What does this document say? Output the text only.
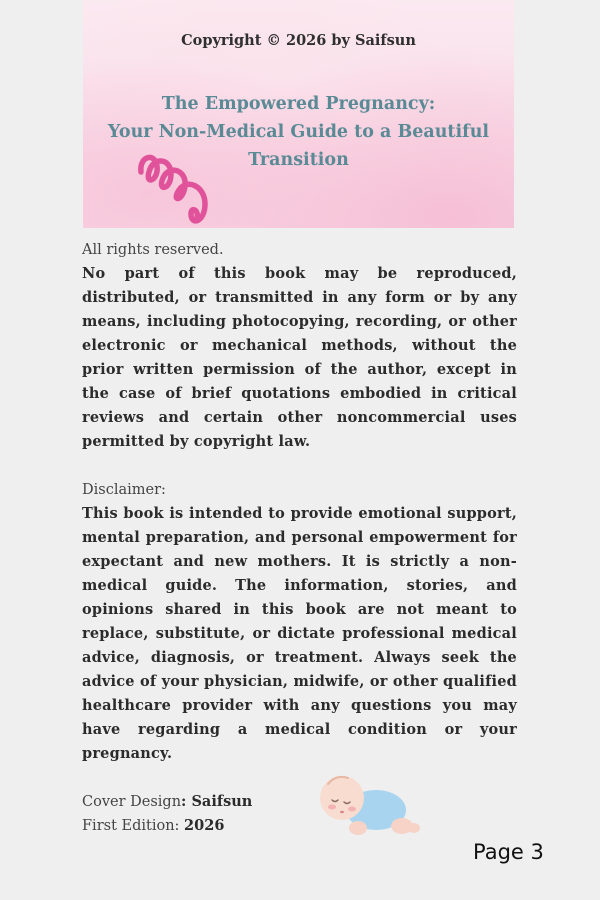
Copyright © 2026 by Saifsun
The Empowered Pregnancy:
Your Non-Medical Guide to a Beautiful
Transition
All rights reserved.
No part of this book may be reproduced, distributed, or transmitted in any form or by any means, including photocopying, recording, or other electronic or mechanical methods, without the prior written permission of the author, except in the case of brief quotations embodied in critical reviews and certain other noncommercial uses permitted by copyright law.
Disclaimer:
This book is intended to provide emotional support, mental preparation, and personal empowerment for expectant and new mothers. It is strictly a non-medical guide. The information, stories, and opinions shared in this book are not meant to replace, substitute, or dictate professional medical advice, diagnosis, or treatment. Always seek the advice of your physician, midwife, or other qualified healthcare provider with any questions you may have regarding a medical condition or your pregnancy.
Cover Design: Saifsun
First Edition: 2026
Page 3
